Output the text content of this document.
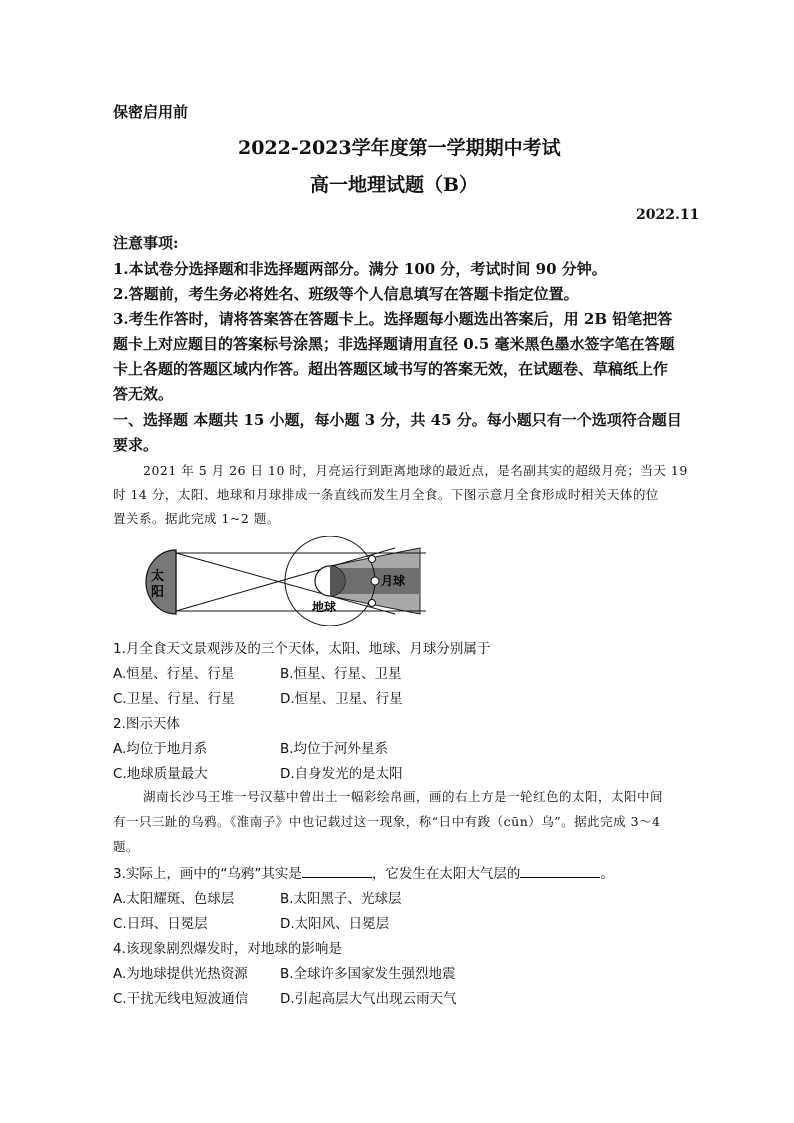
保密启用前
2022-2023学年度第一学期期中考试
高一地理试题（B）
2022.11
注意事项:
1.本试卷分选择题和非选择题两部分。满分 100 分，考试时间 90 分钟。
2.答题前，考生务必将姓名、班级等个人信息填写在答题卡指定位置。
3.考生作答时，请将答案答在答题卡上。选择题每小题选出答案后，用 2B 铅笔把答
题卡上对应题目的答案标号涂黑；非选择题请用直径 0.5 毫米黑色墨水签字笔在答题
卡上各题的答题区域内作答。超出答题区域书写的答案无效，在试题卷、草稿纸上作
答无效。
一、选择题 本题共 15 小题，每小题 3 分，共 45 分。每小题只有一个选项符合题目
要求。
2021 年 5 月 26 日 10 时，月亮运行到距离地球的最近点，是名副其实的超级月亮；当天 19
时 14 分，太阳、地球和月球排成一条直线而发生月全食。下图示意月全食形成时相关天体的位
置关系。据此完成 1~2 题。
太
阳
地球
月球
1.月全食天文景观涉及的三个天体，太阳、地球、月球分别属于
A.恒星、行星、行星	B.恒星、行星、卫星
C.卫星、行星、行星	D.恒星、卫星、行星
2.图示天体
A.均位于地月系	B.均位于河外星系
C.地球质量最大	D.自身发光的是太阳
湖南长沙马王堆一号汉墓中曾出土一幅彩绘帛画，画的右上方是一轮红色的太阳，太阳中间
有一只三趾的乌鸦。《淮南子》中也记载过这一现象，称“日中有踆（cūn）乌”。据此完成 3～4
题。
3.实际上，画中的“乌鸦”其实是	，它发生在太阳大气层的	。
A.太阳耀斑、色球层	B.太阳黑子、光球层
C.日珥、日冕层	D.太阳风、日冕层
4.该现象剧烈爆发时，对地球的影响是
A.为地球提供光热资源 B.全球许多国家发生强烈地震
C.干扰无线电短波通信 D.引起高层大气出现云雨天气
